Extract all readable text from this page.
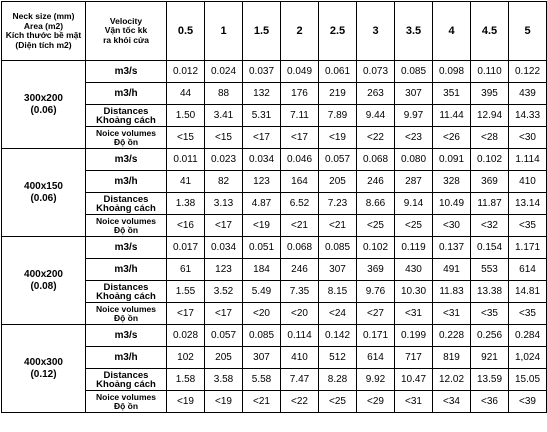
Neck size (mm)
Area (m2)
Kích thước bề mặt
(Diện tích m2)	Velocity
Vận tốc kk
ra khỏi cửa	0.5	1	1.5	2	2.5	3	3.5	4	4.5	5

300x200
(0.06)	m3/s	0.012	0.024	0.037	0.049	0.061	0.073	0.085	0.098	0.110	0.122

	m3/h	44	88	132	176	219	263	307	351	395	439

	Distances
Khoảng cách	1.50	3.41	5.31	7.11	7.89	9.44	9.97	11.44	12.94	14.33

	Noice volumes
Độ ồn	<15	<15	<17	<17	<19	<22	<23	<26	<28	<30

400x150
(0.06)	m3/s	0.011	0.023	0.034	0.046	0.057	0.068	0.080	0.091	0.102	1.114

	m3/h	41	82	123	164	205	246	287	328	369	410

	Distances
Khoảng cách	1.38	3.13	4.87	6.52	7.23	8.66	9.14	10.49	11.87	13.14

	Noice volumes
Độ ồn	<16	<17	<19	<21	<21	<25	<25	<30	<32	<35

400x200
(0.08)	m3/s	0.017	0.034	0.051	0.068	0.085	0.102	0.119	0.137	0.154	1.171

	m3/h	61	123	184	246	307	369	430	491	553	614

	Distances
Khoảng cách	1.55	3.52	5.49	7.35	8.15	9.76	10.30	11.83	13.38	14.81

	Noice volumes
Độ ồn	<17	<17	<20	<20	<24	<27	<31	<31	<35	<35

400x300
(0.12)	m3/s	0.028	0.057	0.085	0.114	0.142	0.171	0.199	0.228	0.256	0.284

	m3/h	102	205	307	410	512	614	717	819	921	1,024

	Distances
Khoảng cách	1.58	3.58	5.58	7.47	8.28	9.92	10.47	12.02	13.59	15.05

	Noice volumes
Độ ồn	<19	<19	<21	<22	<25	<29	<31	<34	<36	<39
